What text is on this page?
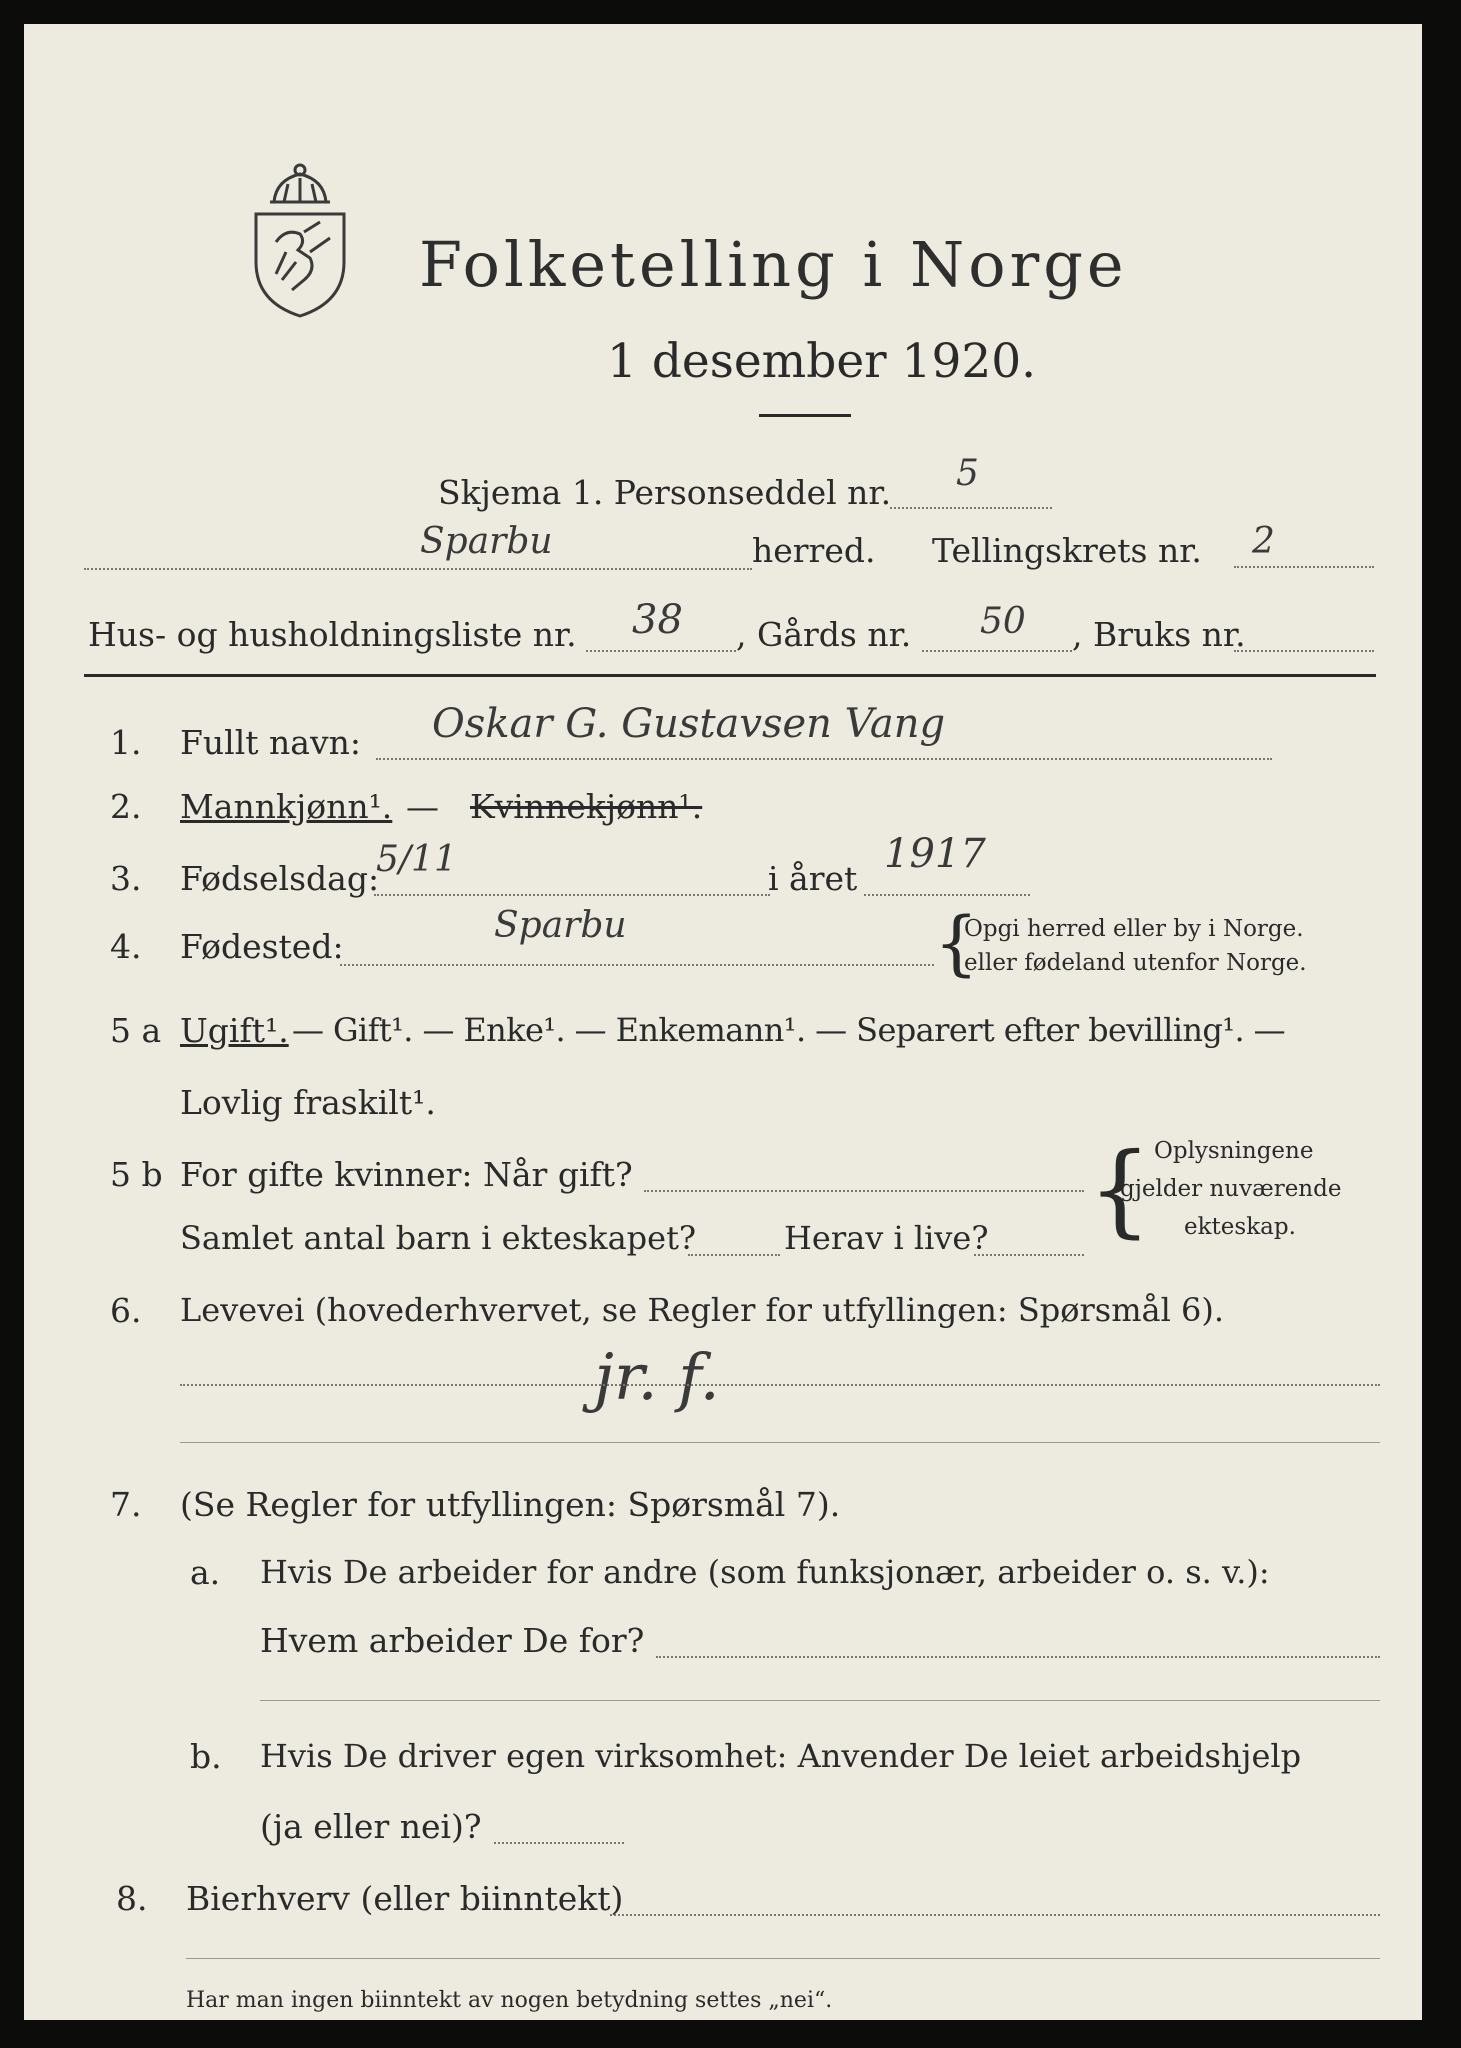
Folketelling i Norge
1 desember 1920.
Skjema 1. Personseddel nr. 5
Sparbu	herred. Tellingskrets nr. 2
Hus- og husholdningsliste nr. 38 , Gårds nr. 50 , Bruks nr.
1. Fullt navn: Oskar G. Gustavsen Vang
2. Mannkjønn¹. — Kvinnekjønn¹.
3. Fødselsdag:
5/11	i året
1917
4. Fødested:
Sparbu	{
Opgi herred eller by i Norge.
eller fødeland utenfor Norge.
5 a Ugift¹. — Gift¹. — Enke¹. — Enkemann¹. — Separert efter bevilling¹. —
Lovlig fraskilt¹.
5 b For gifte kvinner: Når gift?
Samlet antal barn i ekteskapet?	Herav i live? { Oplysningene
gjelder nuværende
ekteskap.
6. Levevei (hovederhvervet, se Regler for utfyllingen: Spørsmål 6).
jr. f.
7. (Se Regler for utfyllingen: Spørsmål 7).
a. Hvis De arbeider for andre (som funksjonær, arbeider o. s. v.):
Hvem arbeider De for?
b. Hvis De driver egen virksomhet: Anvender De leiet arbeidshjelp
(ja eller nei)?
8. Bierhverv (eller biinntekt)
Har man ingen biinntekt av nogen betydning settes „nei“.
